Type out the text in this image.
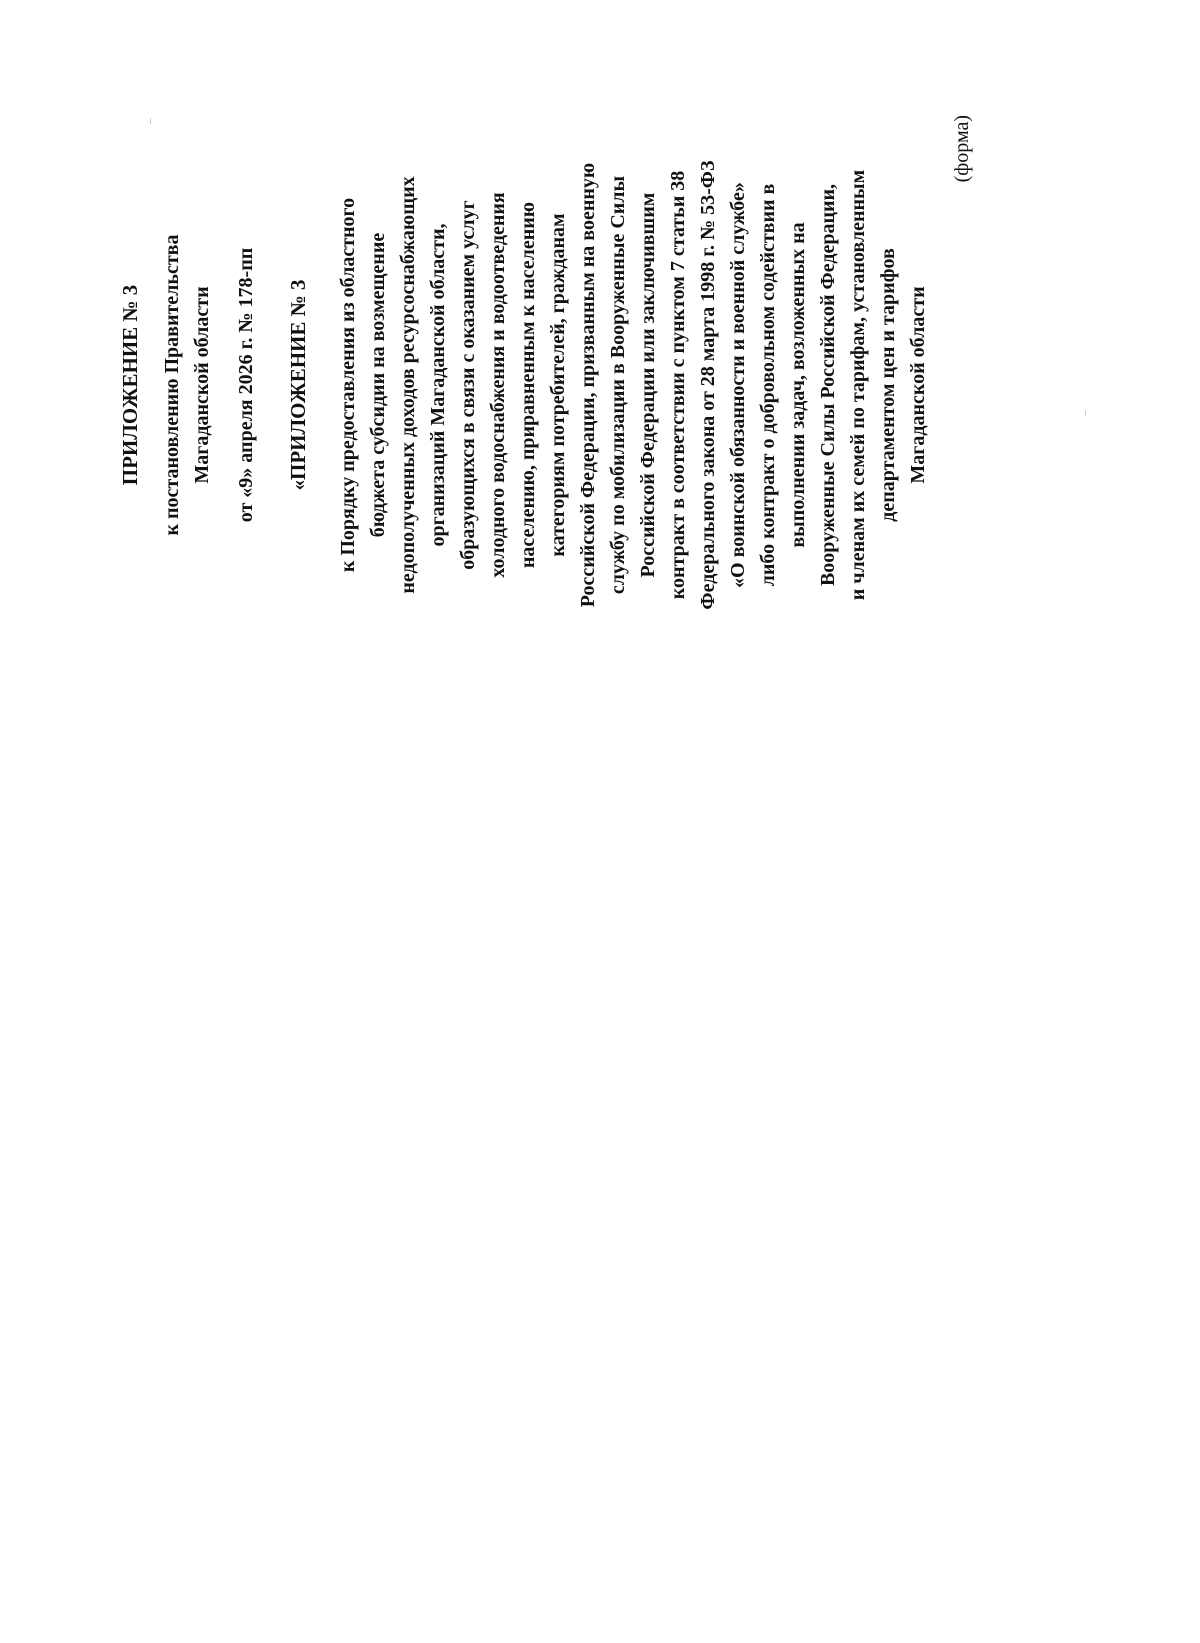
ПРИЛОЖЕНИЕ № 3 к постановлению Правительства Магаданской области от «9» апреля 2026 г. № 178-пп «ПРИЛОЖЕНИЕ № 3 к Порядку предоставления из областного бюджета субсидии на возмещение недополученных доходов ресурсоснабжающих организаций Магаданской области, образующихся в связи с оказанием услуг холодного водоснабжения и водоотведения населению, приравненным к населению категориям потребителей, гражданам Российской Федерации, призванным на военную службу по мобилизации в Вооруженные Силы Российской Федерации или заключившим контракт в соответствии с пунктом 7 статьи 38 Федерального закона от 28 марта 1998 г. № 53-ФЗ «О воинской обязанности и военной службе» либо контракт о добровольном содействии в выполнении задач, возложенных на Вооруженные Силы Российской Федерации, и членам их семей по тарифам, установленным департаментом цен и тарифов Магаданской области
(форма)
